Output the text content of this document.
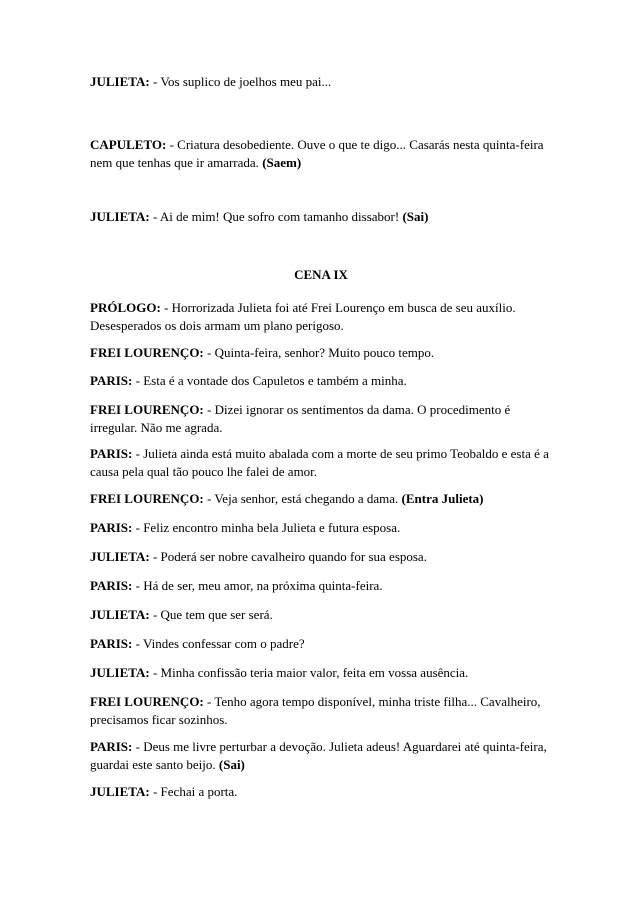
JULIETA: - Vos suplico de joelhos meu pai...

CAPULETO: - Criatura desobediente. Ouve o que te digo... Casarás nesta quinta-feira nem que tenhas que ir amarrada. (Saem)

JULIETA: - Ai de mim! Que sofro com tamanho dissabor! (Sai)

CENA IX

PRÓLOGO: - Horrorizada Julieta foi até Frei Lourenço em busca de seu auxílio. Desesperados os dois armam um plano perigoso.

FREI LOURENÇO: - Quinta-feira, senhor? Muito pouco tempo.

PARIS: - Esta é a vontade dos Capuletos e também a minha.

FREI LOURENÇO: - Dizei ignorar os sentimentos da dama. O procedimento é irregular. Não me agrada.

PARIS: - Julieta ainda está muito abalada com a morte de seu primo Teobaldo e esta é a causa pela qual tão pouco lhe falei de amor.

FREI LOURENÇO: - Veja senhor, está chegando a dama. (Entra Julieta)

PARIS: - Feliz encontro minha bela Julieta e futura esposa.

JULIETA: - Poderá ser nobre cavalheiro quando for sua esposa.

PARIS: - Há de ser, meu amor, na próxima quinta-feira.

JULIETA: - Que tem que ser será.

PARIS: - Vindes confessar com o padre?

JULIETA: - Minha confissão teria maior valor, feita em vossa ausência.

FREI LOURENÇO: - Tenho agora tempo disponível, minha triste filha... Cavalheiro, precisamos ficar sozinhos.

PARIS: - Deus me livre perturbar a devoção. Julieta adeus! Aguardarei até quinta-feira, guardai este santo beijo. (Sai)

JULIETA: - Fechai a porta.
